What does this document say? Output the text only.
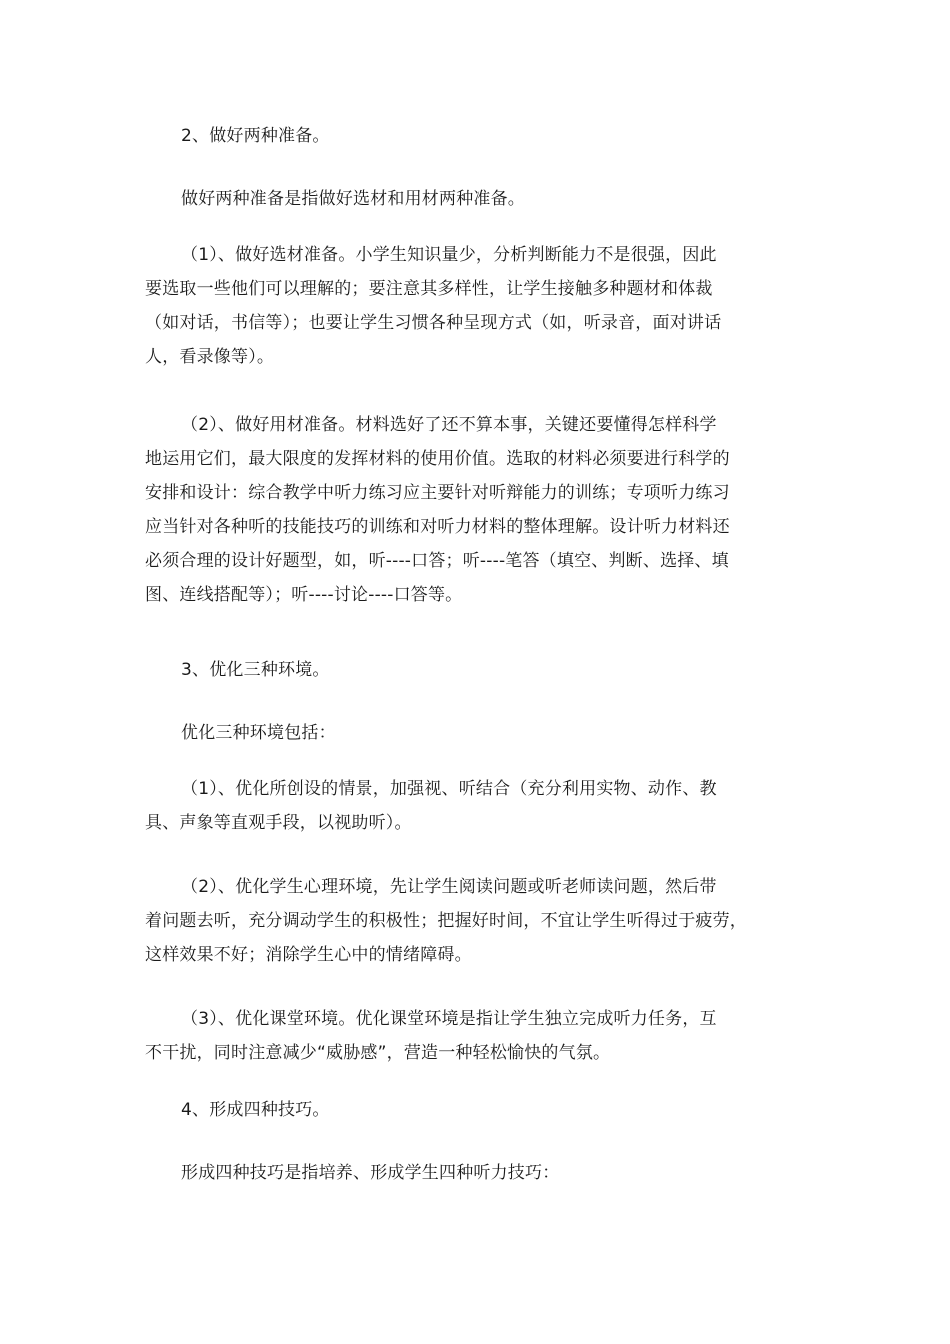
2、做好两种准备。

做好两种准备是指做好选材和用材两种准备。

（1）、做好选材准备。小学生知识量少，分析判断能力不是很强，因此
要选取一些他们可以理解的；要注意其多样性，让学生接触多种题材和体裁
（如对话，书信等）；也要让学生习惯各种呈现方式（如，听录音，面对讲话
人，看录像等）。

（2）、做好用材准备。材料选好了还不算本事，关键还要懂得怎样科学
地运用它们，最大限度的发挥材料的使用价值。选取的材料必须要进行科学的
安排和设计：综合教学中听力练习应主要针对听辩能力的训练；专项听力练习
应当针对各种听的技能技巧的训练和对听力材料的整体理解。设计听力材料还
必须合理的设计好题型，如，听----口答；听----笔答（填空、判断、选择、填
图、连线搭配等）；听----讨论----口答等。

3、优化三种环境。

优化三种环境包括：

（1）、优化所创设的情景，加强视、听结合（充分利用实物、动作、教
具、声象等直观手段，以视助听）。

（2）、优化学生心理环境，先让学生阅读问题或听老师读问题，然后带
着问题去听，充分调动学生的积极性；把握好时间，不宜让学生听得过于疲劳，
这样效果不好；消除学生心中的情绪障碍。

（3）、优化课堂环境。优化课堂环境是指让学生独立完成听力任务，互
不干扰，同时注意减少“威胁感”，营造一种轻松愉快的气氛。

4、形成四种技巧。

形成四种技巧是指培养、形成学生四种听力技巧：
